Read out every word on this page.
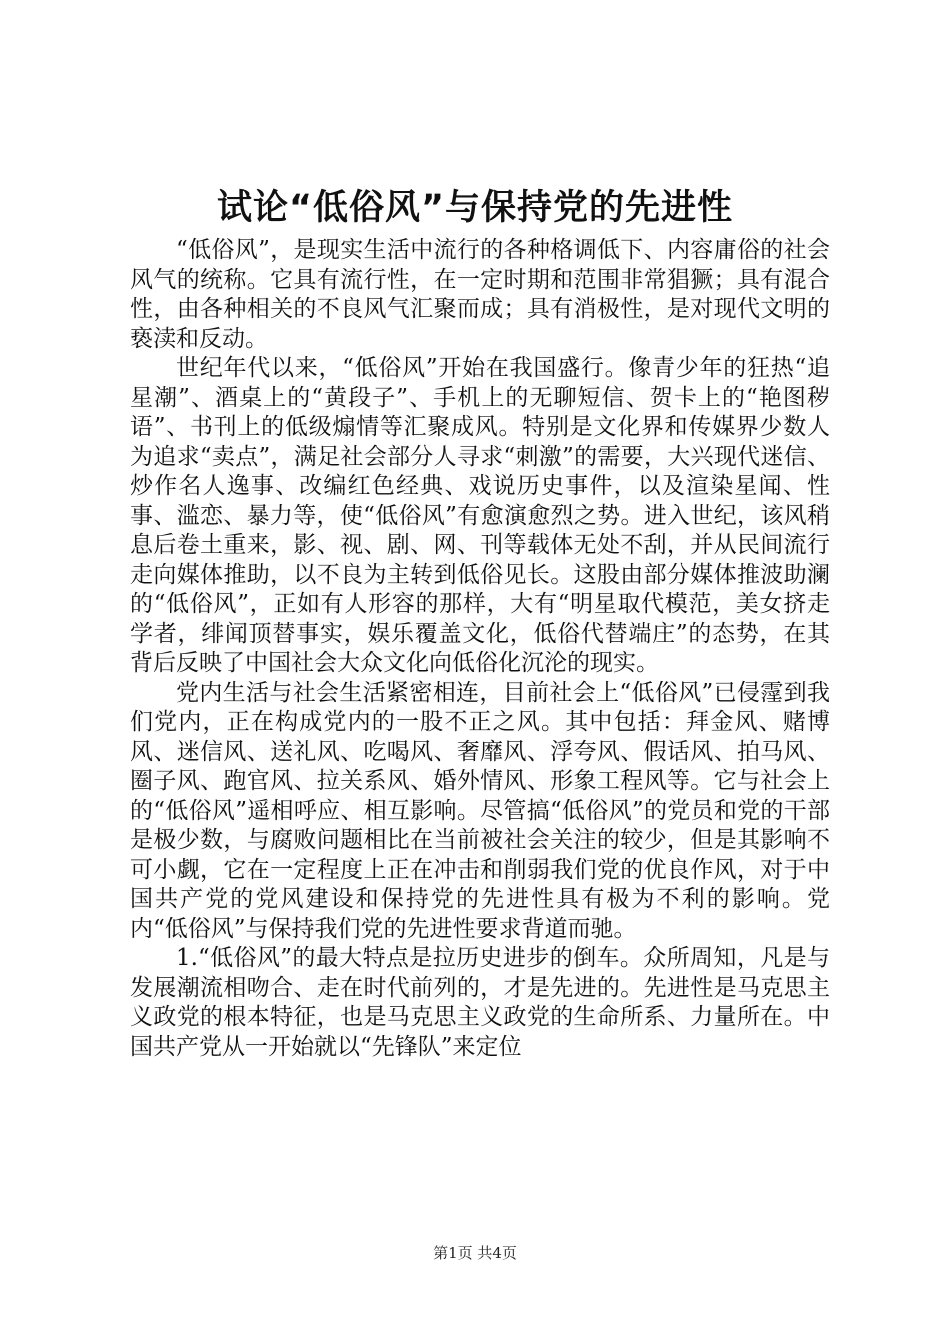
试论“低俗风”与保持党的先进性

“低俗风”，是现实生活中流行的各种格调低下、内容庸俗的社会风气的统称。它具有流行性，在一定时期和范围非常猖獗；具有混合性，由各种相关的不良风气汇聚而成；具有消极性，是对现代文明的亵渎和反动。

世纪年代以来，“低俗风”开始在我国盛行。像青少年的狂热“追星潮”、酒桌上的“黄段子”、手机上的无聊短信、贺卡上的“艳图秽语”、书刊上的低级煽情等汇聚成风。特别是文化界和传媒界少数人为追求“卖点”，满足社会部分人寻求“刺激”的需要，大兴现代迷信、炒作名人逸事、改编红色经典、戏说历史事件，以及渲染星闻、性事、滥恋、暴力等，使“低俗风”有愈演愈烈之势。进入世纪，该风稍息后卷土重来，影、视、剧、网、刊等载体无处不刮，并从民间流行走向媒体推助，以不良为主转到低俗见长。这股由部分媒体推波助澜的“低俗风”，正如有人形容的那样，大有“明星取代模范，美女挤走学者，绯闻顶替事实，娱乐覆盖文化，低俗代替端庄”的态势，在其背后反映了中国社会大众文化向低俗化沉沦的现实。

党内生活与社会生活紧密相连，目前社会上“低俗风”已侵霪到我们党内，正在构成党内的一股不正之风。其中包括：拜金风、赌博风、迷信风、送礼风、吃喝风、奢靡风、浮夸风、假话风、拍马风、圈子风、跑官风、拉关系风、婚外情风、形象工程风等。它与社会上的“低俗风”遥相呼应、相互影响。尽管搞“低俗风”的党员和党的干部是极少数，与腐败问题相比在当前被社会关注的较少，但是其影响不可小觑，它在一定程度上正在冲击和削弱我们党的优良作风，对于中国共产党的党风建设和保持党的先进性具有极为不利的影响。党内“低俗风”与保持我们党的先进性要求背道而驰。

1.“低俗风”的最大特点是拉历史进步的倒车。众所周知，凡是与发展潮流相吻合、走在时代前列的，才是先进的。先进性是马克思主义政党的根本特征，也是马克思主义政党的生命所系、力量所在。中国共产党从一开始就以“先锋队”来定位

第1页 共4页
